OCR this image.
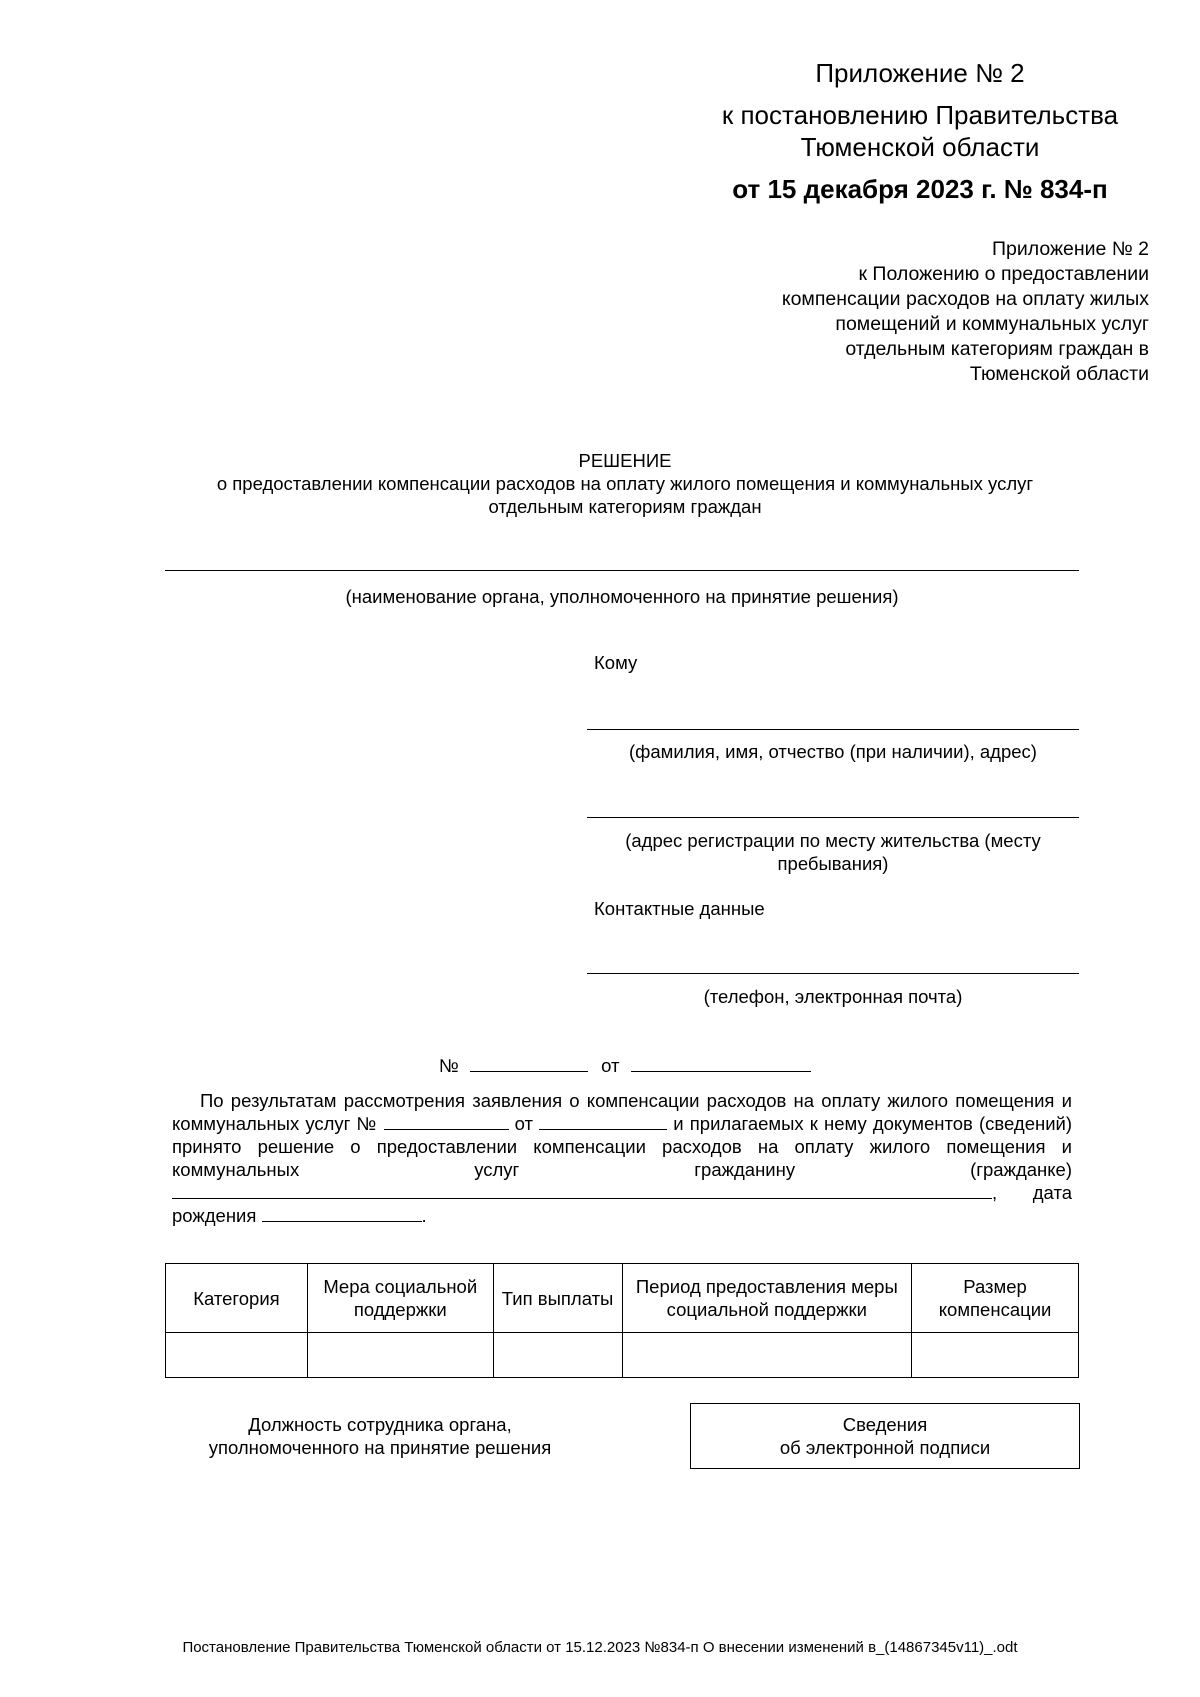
Приложение № 2
к постановлению Правительства
Тюменской области
от 15 декабря 2023 г. № 834-п
Приложение № 2
к Положению о предоставлении
компенсации расходов на оплату жилых
помещений и коммунальных услуг
отдельным категориям граждан в
Тюменской области
РЕШЕНИЕ
о предоставлении компенсации расходов на оплату жилого помещения и коммунальных услуг
отдельным категориям граждан
(наименование органа, уполномоченного на принятие решения)
Кому
(фамилия, имя, отчество (при наличии), адрес)
(адрес регистрации по месту жительства (месту
пребывания)
Контактные данные
(телефон, электронная почта)
№	от
По результатам рассмотрения заявления о компенсации расходов на оплату жилого помещения и коммунальных услуг №	от	и прилагаемых к нему документов (сведений) принято решение о предоставлении компенсации расходов на оплату жилого помещения и коммунальных услуг гражданину (гражданке) , дата рождения	.
Категория	Мера социальной поддержки	Тип выплаты	Период предоставления меры социальной поддержки	Размер компенсации

Должность сотрудника органа,
уполномоченного на принятие решения
Сведения
об электронной подписи
Постановление Правительства Тюменской области от 15.12.2023 №834-п О внесении изменений в_(14867345v11)_.odt
